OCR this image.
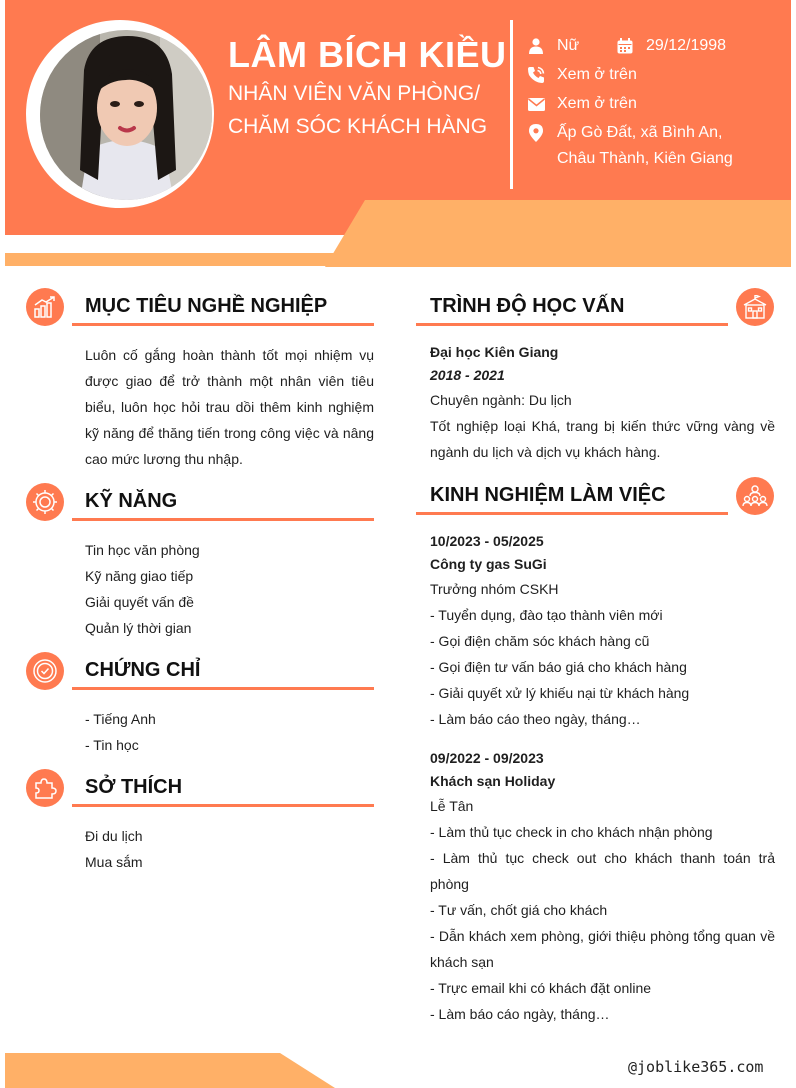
LÂM BÍCH KIỀU
NHÂN VIÊN VĂN PHÒNG/
CHĂM SÓC KHÁCH HÀNG
Nữ	29/12/1998
Xem ở trên
Xem ở trên
Ấp Gò Đất, xã Bình An,
Châu Thành, Kiên Giang
MỤC TIÊU NGHỀ NGHIỆP
Luôn cố gắng hoàn thành tốt mọi nhiệm vụ được giao để trở thành một nhân viên tiêu biểu, luôn học hỏi trau dồi thêm kinh nghiệm kỹ năng để thăng tiến trong công việc và nâng cao mức lương thu nhập.
KỸ NĂNG
Tin học văn phòng
Kỹ năng giao tiếp
Giải quyết vấn đề
Quản lý thời gian
CHỨNG CHỈ
- Tiếng Anh
- Tin học
SỞ THÍCH
Đi du lịch
Mua sắm
TRÌNH ĐỘ HỌC VẤN
Đại học Kiên Giang
2018 - 2021
Chuyên ngành: Du lịch
Tốt nghiệp loại Khá, trang bị kiến thức vững vàng về ngành du lịch và dịch vụ khách hàng.
KINH NGHIỆM LÀM VIỆC
10/2023 - 05/2025
Công ty gas SuGi
Trưởng nhóm CSKH
- Tuyển dụng, đào tạo thành viên mới
- Gọi điện chăm sóc khách hàng cũ
- Gọi điện tư vấn báo giá cho khách hàng
- Giải quyết xử lý khiếu nại từ khách hàng
- Làm báo cáo theo ngày, tháng…
09/2022 - 09/2023
Khách sạn Holiday
Lễ Tân
- Làm thủ tục check in cho khách nhận phòng
- Làm thủ tục check out cho khách thanh toán trả phòng
- Tư vấn, chốt giá cho khách
- Dẫn khách xem phòng, giới thiệu phòng tổng quan về khách sạn
- Trực email khi có khách đặt online
- Làm báo cáo ngày, tháng…
@joblike365.com
